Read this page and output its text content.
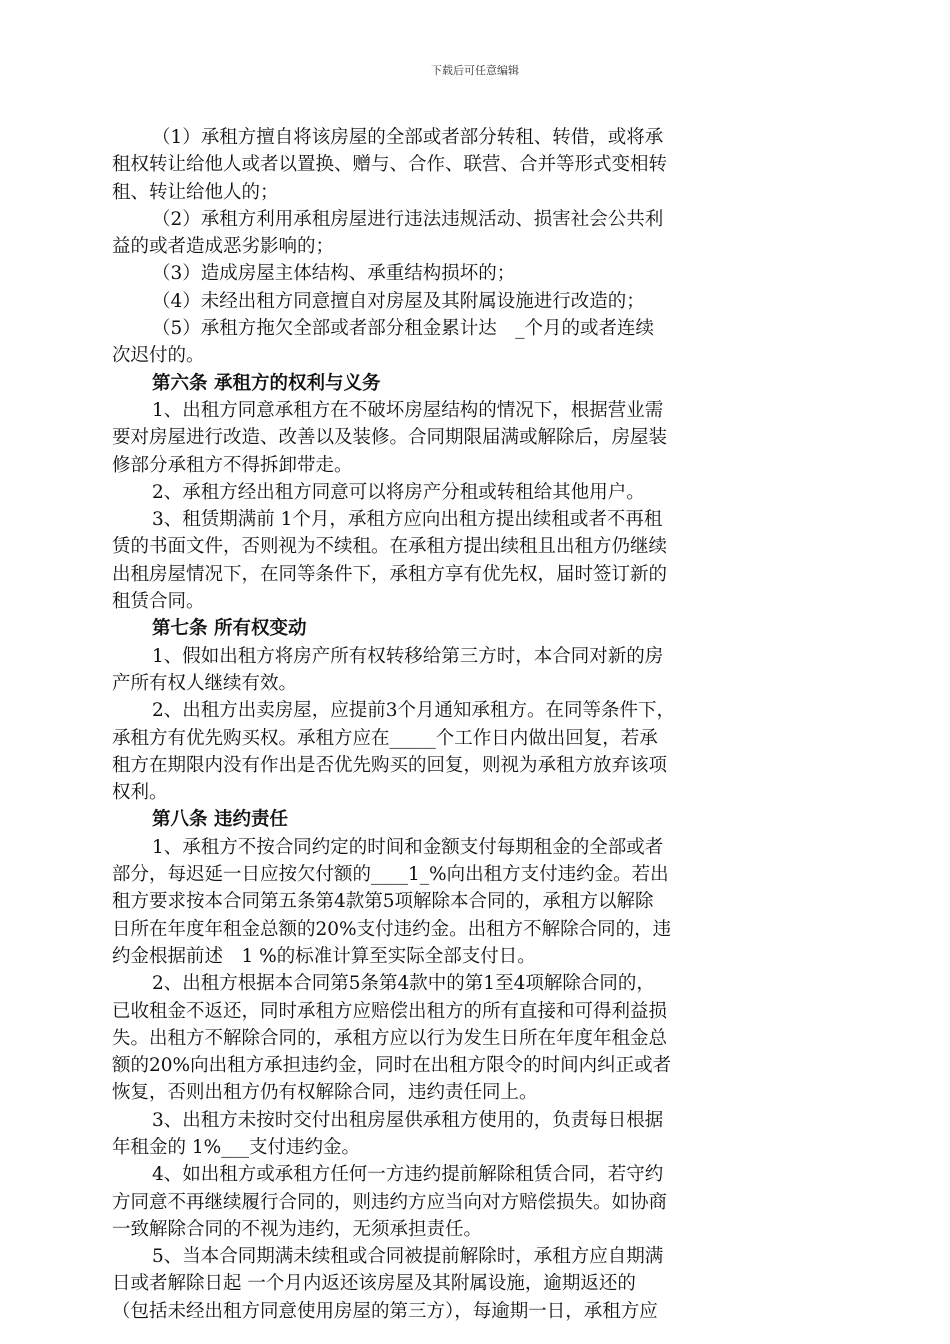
下载后可任意编辑
（1）承租方擅自将该房屋的全部或者部分转租、转借，或将承
租权转让给他人或者以置换、赠与、合作、联营、合并等形式变相转
租、转让给他人的；
（2）承租方利用承租房屋进行违法违规活动、损害社会公共利
益的或者造成恶劣影响的；
（3）造成房屋主体结构、承重结构损坏的；
（4）未经出租方同意擅自对房屋及其附属设施进行改造的；
（5）承租方拖欠全部或者部分租金累计达　_个月的或者连续
次迟付的。
第六条 承租方的权利与义务
1、出租方同意承租方在不破坏房屋结构的情况下，根据营业需
要对房屋进行改造、改善以及装修。合同期限届满或解除后，房屋装
修部分承租方不得拆卸带走。
2、承租方经出租方同意可以将房产分租或转租给其他用户。
3、租赁期满前 1个月，承租方应向出租方提出续租或者不再租
赁的书面文件，否则视为不续租。在承租方提出续租且出租方仍继续
出租房屋情况下，在同等条件下，承租方享有优先权，届时签订新的
租赁合同。
第七条 所有权变动
1、假如出租方将房产所有权转移给第三方时，本合同对新的房
产所有权人继续有效。
2、出租方出卖房屋，应提前3个月通知承租方。在同等条件下，
承租方有优先购买权。承租方应在_____个工作日内做出回复，若承
租方在期限内没有作出是否优先购买的回复，则视为承租方放弃该项
权利。
第八条 违约责任
1、承租方不按合同约定的时间和金额支付每期租金的全部或者
部分，每迟延一日应按欠付额的____1_%向出租方支付违约金。若出
租方要求按本合同第五条第4款第5项解除本合同的，承租方以解除
日所在年度年租金总额的20%支付违约金。出租方不解除合同的，违
约金根据前述　1 %的标准计算至实际全部支付日。
2、出租方根据本合同第5条第4款中的第1至4项解除合同的，
已收租金不返还，同时承租方应赔偿出租方的所有直接和可得利益损
失。出租方不解除合同的，承租方应以行为发生日所在年度年租金总
额的20%向出租方承担违约金，同时在出租方限令的时间内纠正或者
恢复，否则出租方仍有权解除合同，违约责任同上。
3、出租方未按时交付出租房屋供承租方使用的，负责每日根据
年租金的 1%___支付违约金。
4、如出租方或承租方任何一方违约提前解除租赁合同，若守约
方同意不再继续履行合同的，则违约方应当向对方赔偿损失。如协商
一致解除合同的不视为违约，无须承担责任。
5、当本合同期满未续租或合同被提前解除时，承租方应自期满
日或者解除日起 一个月内返还该房屋及其附属设施，逾期返还的
（包括未经出租方同意使用房屋的第三方），每逾期一日，承租方应
